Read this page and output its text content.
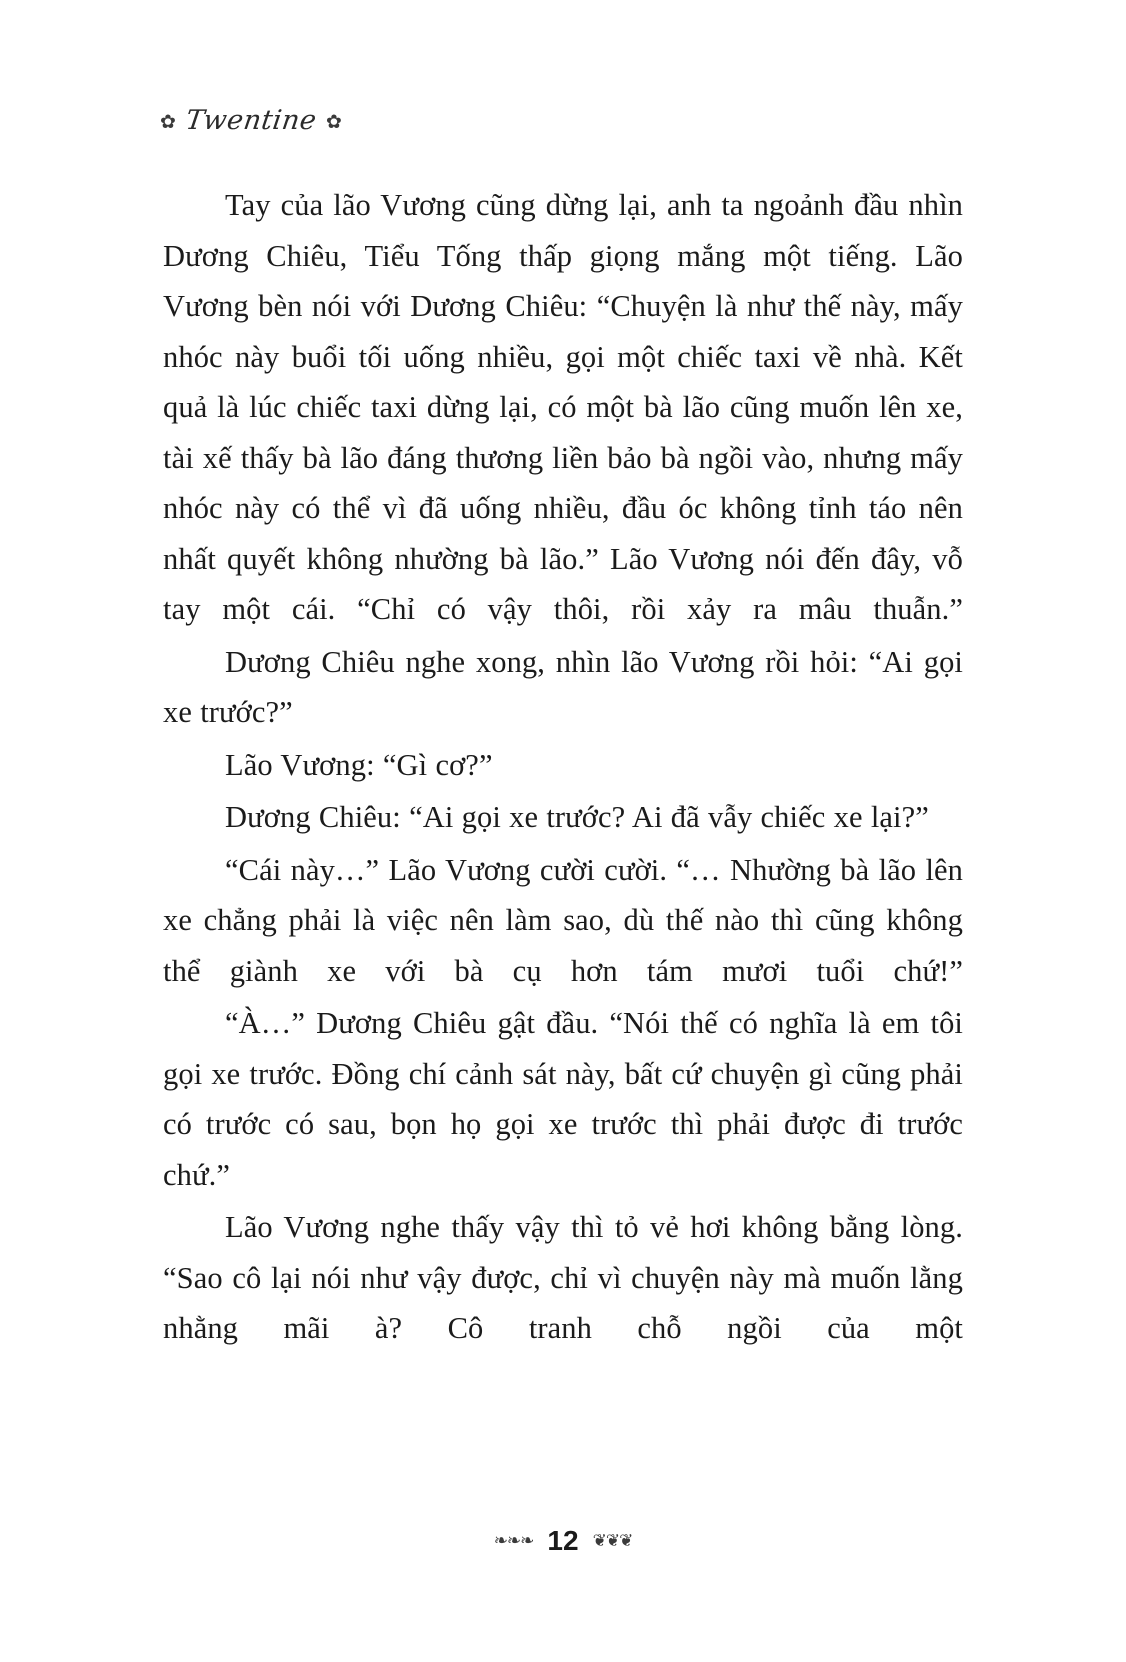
✿ Twentine ✿

Tay của lão Vương cũng dừng lại, anh ta ngoảnh đầu nhìn Dương Chiêu, Tiểu Tống thấp giọng mắng một tiếng. Lão Vương bèn nói với Dương Chiêu: “Chuyện là như thế này, mấy nhóc này buổi tối uống nhiều, gọi một chiếc taxi về nhà. Kết quả là lúc chiếc taxi dừng lại, có một bà lão cũng muốn lên xe, tài xế thấy bà lão đáng thương liền bảo bà ngồi vào, nhưng mấy nhóc này có thể vì đã uống nhiều, đầu óc không tỉnh táo nên nhất quyết không nhường bà lão.” Lão Vương nói đến đây, vỗ tay một cái. “Chỉ có vậy thôi, rồi xảy ra mâu thuẫn.”

Dương Chiêu nghe xong, nhìn lão Vương rồi hỏi: “Ai gọi xe trước?”

Lão Vương: “Gì cơ?”

Dương Chiêu: “Ai gọi xe trước? Ai đã vẫy chiếc xe lại?”

“Cái này…” Lão Vương cười cười. “… Nhường bà lão lên xe chẳng phải là việc nên làm sao, dù thế nào thì cũng không thể giành xe với bà cụ hơn tám mươi tuổi chứ!”

“À…” Dương Chiêu gật đầu. “Nói thế có nghĩa là em tôi gọi xe trước. Đồng chí cảnh sát này, bất cứ chuyện gì cũng phải có trước có sau, bọn họ gọi xe trước thì phải được đi trước chứ.”

Lão Vương nghe thấy vậy thì tỏ vẻ hơi không bằng lòng. “Sao cô lại nói như vậy được, chỉ vì chuyện này mà muốn lằng nhằng mãi à? Cô tranh chỗ ngồi của một

❧❧❧ 12 ❦❦❦
